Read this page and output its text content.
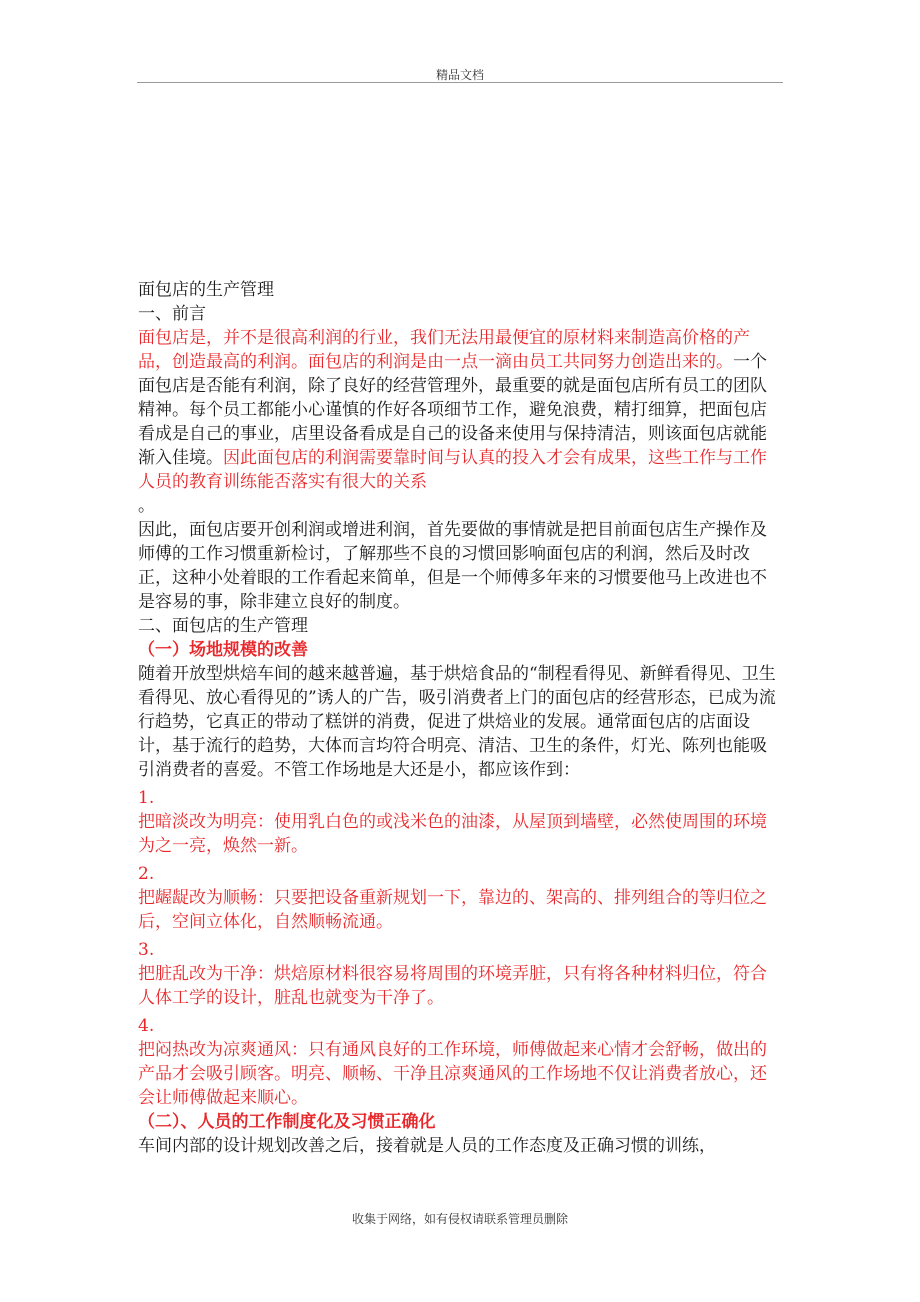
精品文档

面包店的生产管理

一、前言

面包店是，并不是很高利润的行业，我们无法用最便宜的原材料来制造高价格的产品，创造最高的利润。面包店的利润是由一点一滴由员工共同努力创造出来的。一个面包店是否能有利润，除了良好的经营管理外，最重要的就是面包店所有员工的团队精神。每个员工都能小心谨慎的作好各项细节工作，避免浪费，精打细算，把面包店看成是自己的事业，店里设备看成是自己的设备来使用与保持清洁，则该面包店就能渐入佳境。因此面包店的利润需要靠时间与认真的投入才会有成果，这些工作与工作人员的教育训练能否落实有很大的关系

。

因此，面包店要开创利润或增进利润，首先要做的事情就是把目前面包店生产操作及师傅的工作习惯重新检讨，了解那些不良的习惯回影响面包店的利润，然后及时改正，这种小处着眼的工作看起来简单，但是一个师傅多年来的习惯要他马上改进也不是容易的事，除非建立良好的制度。

二、面包店的生产管理

（一）场地规模的改善

随着开放型烘焙车间的越来越普遍，基于烘焙食品的“制程看得见、新鲜看得见、卫生看得见、放心看得见的”诱人的广告，吸引消费者上门的面包店的经营形态，已成为流行趋势，它真正的带动了糕饼的消费，促进了烘焙业的发展。通常面包店的店面设计，基于流行的趋势，大体而言均符合明亮、清洁、卫生的条件，灯光、陈列也能吸引消费者的喜爱。不管工作场地是大还是小，都应该作到：

1.

把暗淡改为明亮：使用乳白色的或浅米色的油漆，从屋顶到墙壁，必然使周围的环境为之一亮，焕然一新。

2.

把龌龊改为顺畅：只要把设备重新规划一下，靠边的、架高的、排列组合的等归位之后，空间立体化，自然顺畅流通。

3.

把脏乱改为干净：烘焙原材料很容易将周围的环境弄脏，只有将各种材料归位，符合人体工学的设计，脏乱也就变为干净了。

4.

把闷热改为凉爽通风：只有通风良好的工作环境，师傅做起来心情才会舒畅，做出的产品才会吸引顾客。明亮、顺畅、干净且凉爽通风的工作场地不仅让消费者放心，还会让师傅做起来顺心。

（二）、人员的工作制度化及习惯正确化

车间内部的设计规划改善之后，接着就是人员的工作态度及正确习惯的训练，

收集于网络，如有侵权请联系管理员删除
